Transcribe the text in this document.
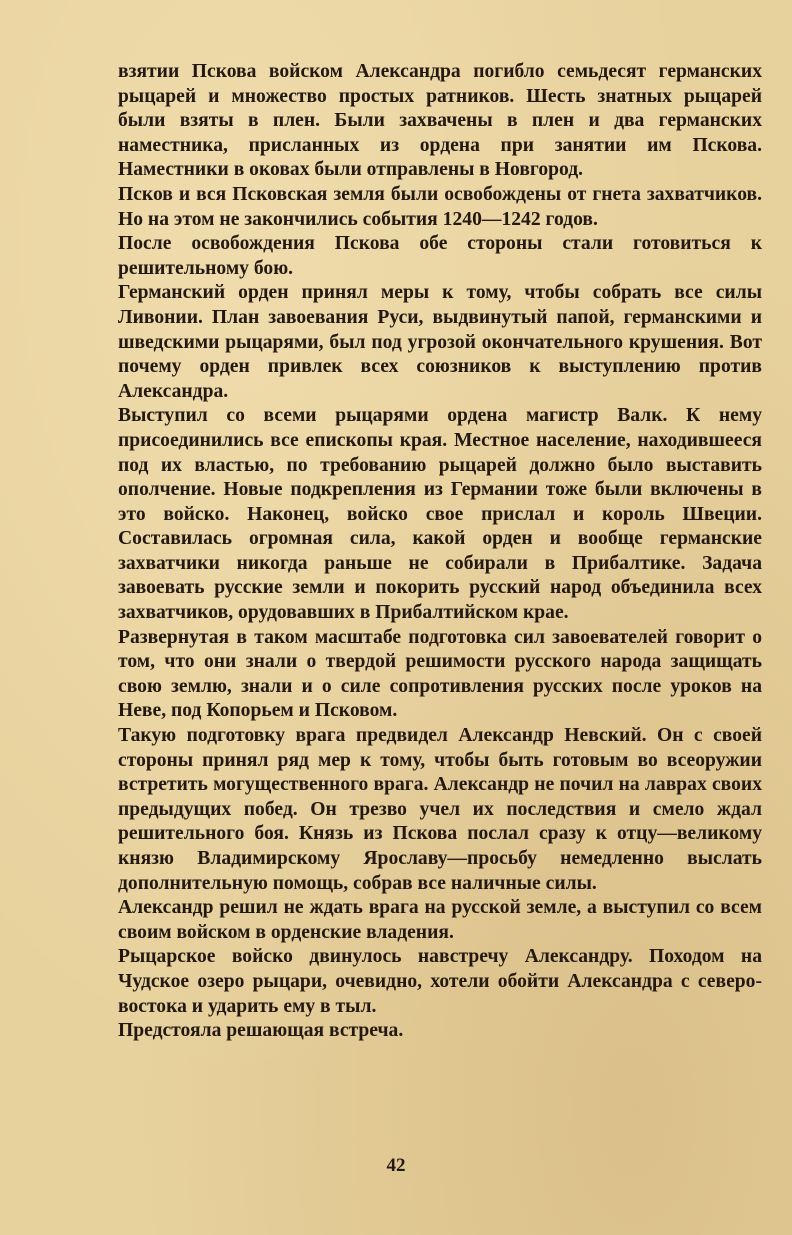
взятии Пскова войском Александра погибло семьдесят германских рыцарей и множество простых ратников. Шесть знатных рыцарей были взяты в плен. Были захвачены в плен и два германских наместника, присланных из ордена при занятии им Пскова. Наместники в оковах были отправлены в Новгород.

Псков и вся Псковская земля были освобождены от гнета захватчиков. Но на этом не закончились события 1240—1242 годов.

После освобождения Пскова обе стороны стали готовиться к решительному бою.

Германский орден принял меры к тому, чтобы собрать все силы Ливонии. План завоевания Руси, выдвинутый папой, германскими и шведскими рыцарями, был под угрозой окончательного крушения. Вот почему орден привлек всех союзников к выступлению против Александра.

Выступил со всеми рыцарями ордена магистр Валк. К нему присоединились все епископы края. Местное население, находившееся под их властью, по требованию рыцарей должно было выставить ополчение. Новые подкрепления из Германии тоже были включены в это войско. Наконец, войско свое прислал и король Швеции. Составилась огромная сила, какой орден и вообще германские захватчики никогда раньше не собирали в Прибалтике. Задача завоевать русские земли и покорить русский народ объединила всех захватчиков, орудовавших в Прибалтийском крае.

Развернутая в таком масштабе подготовка сил завоевателей говорит о том, что они знали о твердой решимости русского народа защищать свою землю, знали и о силе сопротивления русских после уроков на Неве, под Копорьем и Псковом.

Такую подготовку врага предвидел Александр Невский. Он с своей стороны принял ряд мер к тому, чтобы быть готовым во всеоружии встретить могущественного врага. Александр не почил на лаврах своих предыдущих побед. Он трезво учел их последствия и смело ждал решительного боя. Князь из Пскова послал сразу к отцу—великому князю Владимирскому Ярославу—просьбу немедленно выслать дополнительную помощь, собрав все наличные силы.

Александр решил не ждать врага на русской земле, а выступил со всем своим войском в орденские владения.

Рыцарское войско двинулось навстречу Александру. Походом на Чудское озеро рыцари, очевидно, хотели обойти Александра с северо-востока и ударить ему в тыл.

Предстояла решающая встреча.

42
